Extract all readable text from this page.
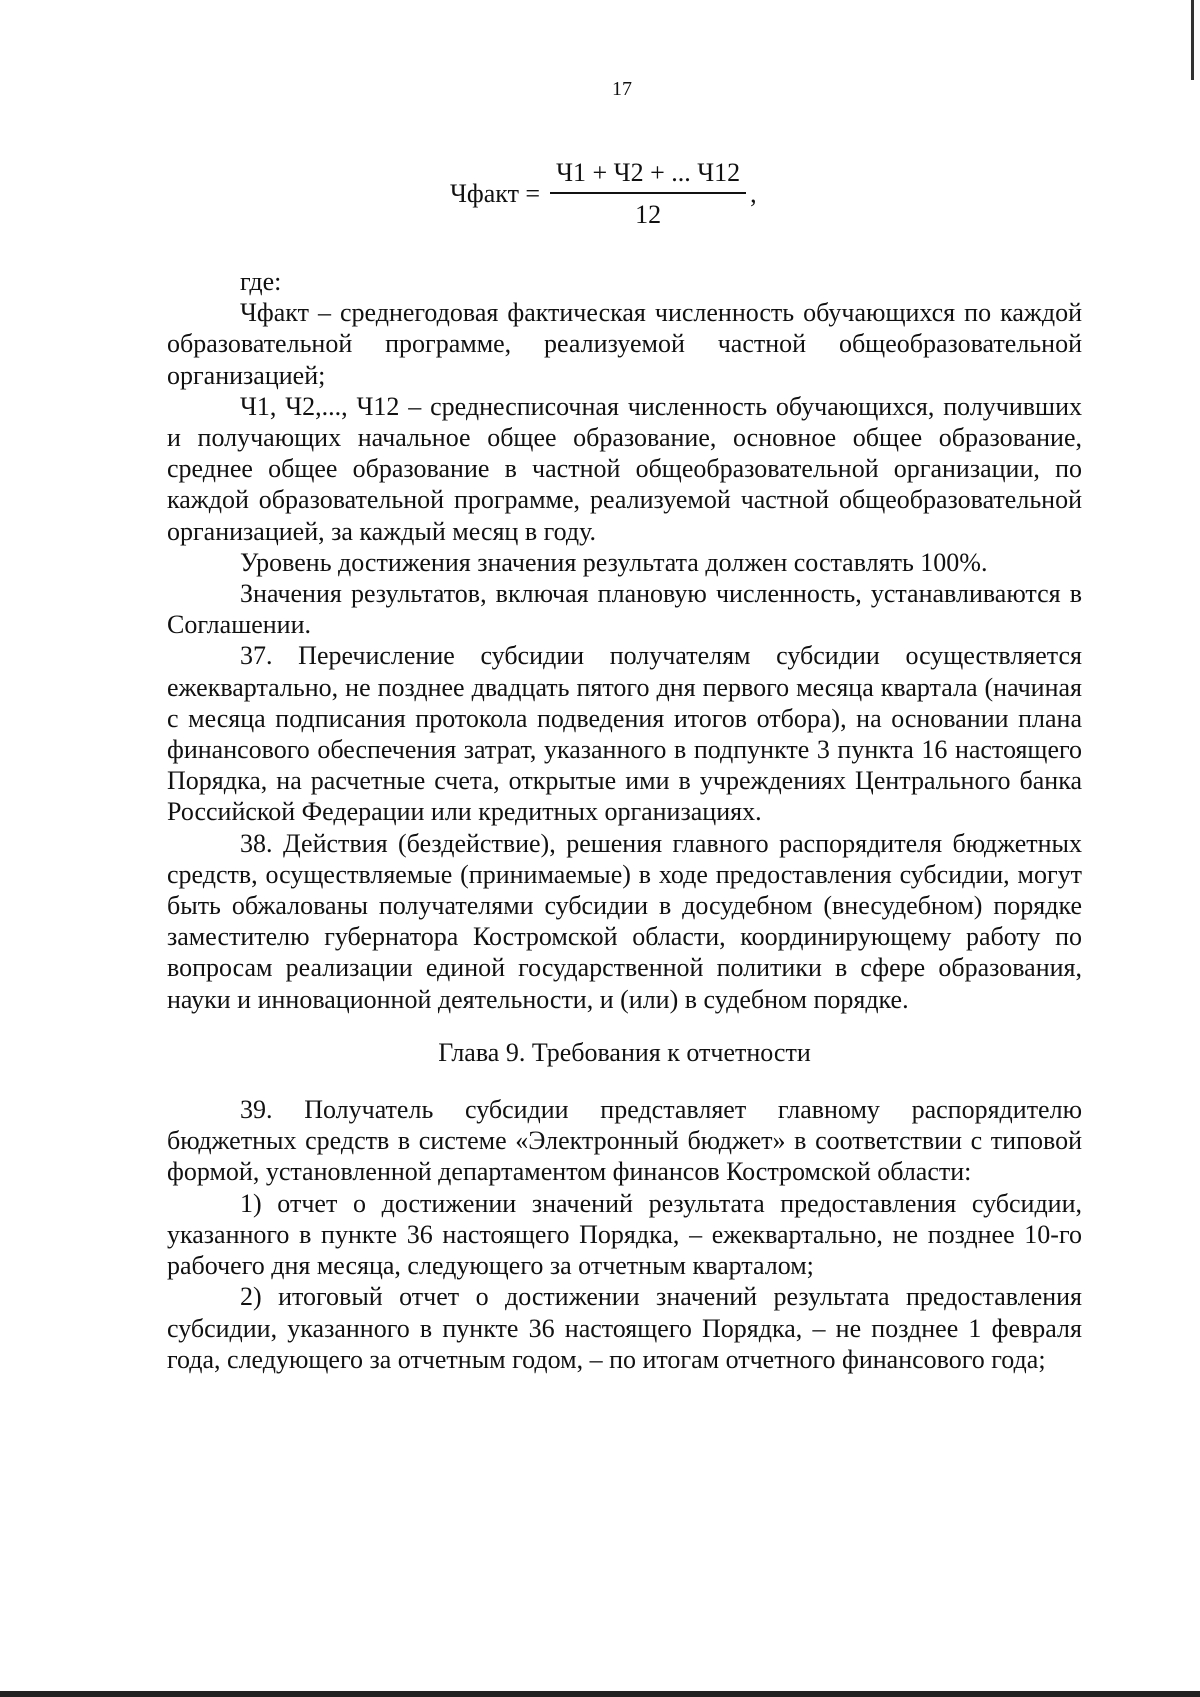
17
Чфакт = $\frac{Ч1 + Ч2 + ... Ч12}{12}$ ,

где:

Чфакт – среднегодовая фактическая численность обучающихся по каждой образовательной программе, реализуемой частной общеобразовательной организацией;

Ч1, Ч2,..., Ч12 – среднесписочная численность обучающихся, получивших и получающих начальное общее образование, основное общее образование, среднее общее образование в частной общеобразовательной организации, по каждой образовательной программе, реализуемой частной общеобразовательной организацией, за каждый месяц в году.

Уровень достижения значения результата должен составлять 100%.

Значения результатов, включая плановую численность, устанавливаются в Соглашении.

37. Перечисление субсидии получателям субсидии осуществляется ежеквартально, не позднее двадцать пятого дня первого месяца квартала (начиная с месяца подписания протокола подведения итогов отбора), на основании плана финансового обеспечения затрат, указанного в подпункте 3 пункта 16 настоящего Порядка, на расчетные счета, открытые ими в учреждениях Центрального банка Российской Федерации или кредитных организациях.

38. Действия (бездействие), решения главного распорядителя бюджетных средств, осуществляемые (принимаемые) в ходе предоставления субсидии, могут быть обжалованы получателями субсидии в досудебном (внесудебном) порядке заместителю губернатора Костромской области, координирующему работу по вопросам реализации единой государственной политики в сфере образования, науки и инновационной деятельности, и (или) в судебном порядке.

Глава 9. Требования к отчетности

39. Получатель субсидии представляет главному распорядителю бюджетных средств в системе «Электронный бюджет» в соответствии с типовой формой, установленной департаментом финансов Костромской области:

1) отчет о достижении значений результата предоставления субсидии, указанного в пункте 36 настоящего Порядка, – ежеквартально, не позднее 10-го рабочего дня месяца, следующего за отчетным кварталом;

2) итоговый отчет о достижении значений результата предоставления субсидии, указанного в пункте 36 настоящего Порядка, – не позднее 1 февраля года, следующего за отчетным годом, – по итогам отчетного финансового года;
